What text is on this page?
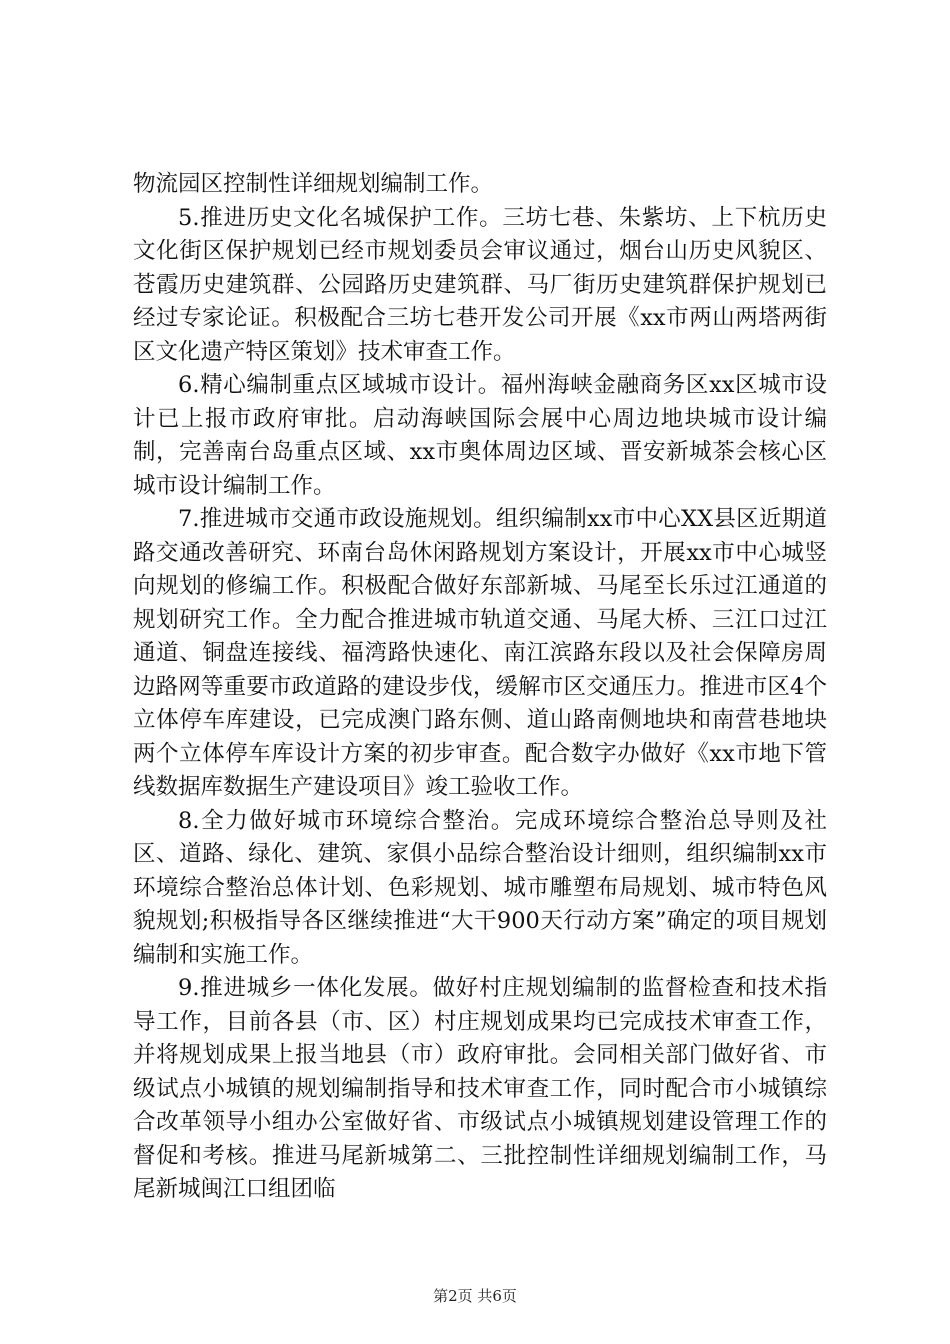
物流园区控制性详细规划编制工作。

5.推进历史文化名城保护工作。三坊七巷、朱紫坊、上下杭历史文化街区保护规划已经市规划委员会审议通过，烟台山历史风貌区、苍霞历史建筑群、公园路历史建筑群、马厂街历史建筑群保护规划已经过专家论证。积极配合三坊七巷开发公司开展《xx市两山两塔两街区文化遗产特区策划》技术审查工作。

6.精心编制重点区域城市设计。福州海峡金融商务区xx区城市设计已上报市政府审批。启动海峡国际会展中心周边地块城市设计编制，完善南台岛重点区域、xx市奥体周边区域、晋安新城茶会核心区城市设计编制工作。

7.推进城市交通市政设施规划。组织编制xx市中心XX县区近期道路交通改善研究、环南台岛休闲路规划方案设计，开展xx市中心城竖向规划的修编工作。积极配合做好东部新城、马尾至长乐过江通道的规划研究工作。全力配合推进城市轨道交通、马尾大桥、三江口过江通道、铜盘连接线、福湾路快速化、南江滨路东段以及社会保障房周边路网等重要市政道路的建设步伐，缓解市区交通压力。推进市区4个立体停车库建设，已完成澳门路东侧、道山路南侧地块和南营巷地块两个立体停车库设计方案的初步审查。配合数字办做好《xx市地下管线数据库数据生产建设项目》竣工验收工作。

8.全力做好城市环境综合整治。完成环境综合整治总导则及社区、道路、绿化、建筑、家俱小品综合整治设计细则，组织编制xx市环境综合整治总体计划、色彩规划、城市雕塑布局规划、城市特色风貌规划;积极指导各区继续推进“大干900天行动方案”确定的项目规划编制和实施工作。

9.推进城乡一体化发展。做好村庄规划编制的监督检查和技术指导工作，目前各县（市、区）村庄规划成果均已完成技术审查工作，并将规划成果上报当地县（市）政府审批。会同相关部门做好省、市级试点小城镇的规划编制指导和技术审查工作，同时配合市小城镇综合改革领导小组办公室做好省、市级试点小城镇规划建设管理工作的督促和考核。推进马尾新城第二、三批控制性详细规划编制工作，马尾新城闽江口组团临

第2页 共6页
